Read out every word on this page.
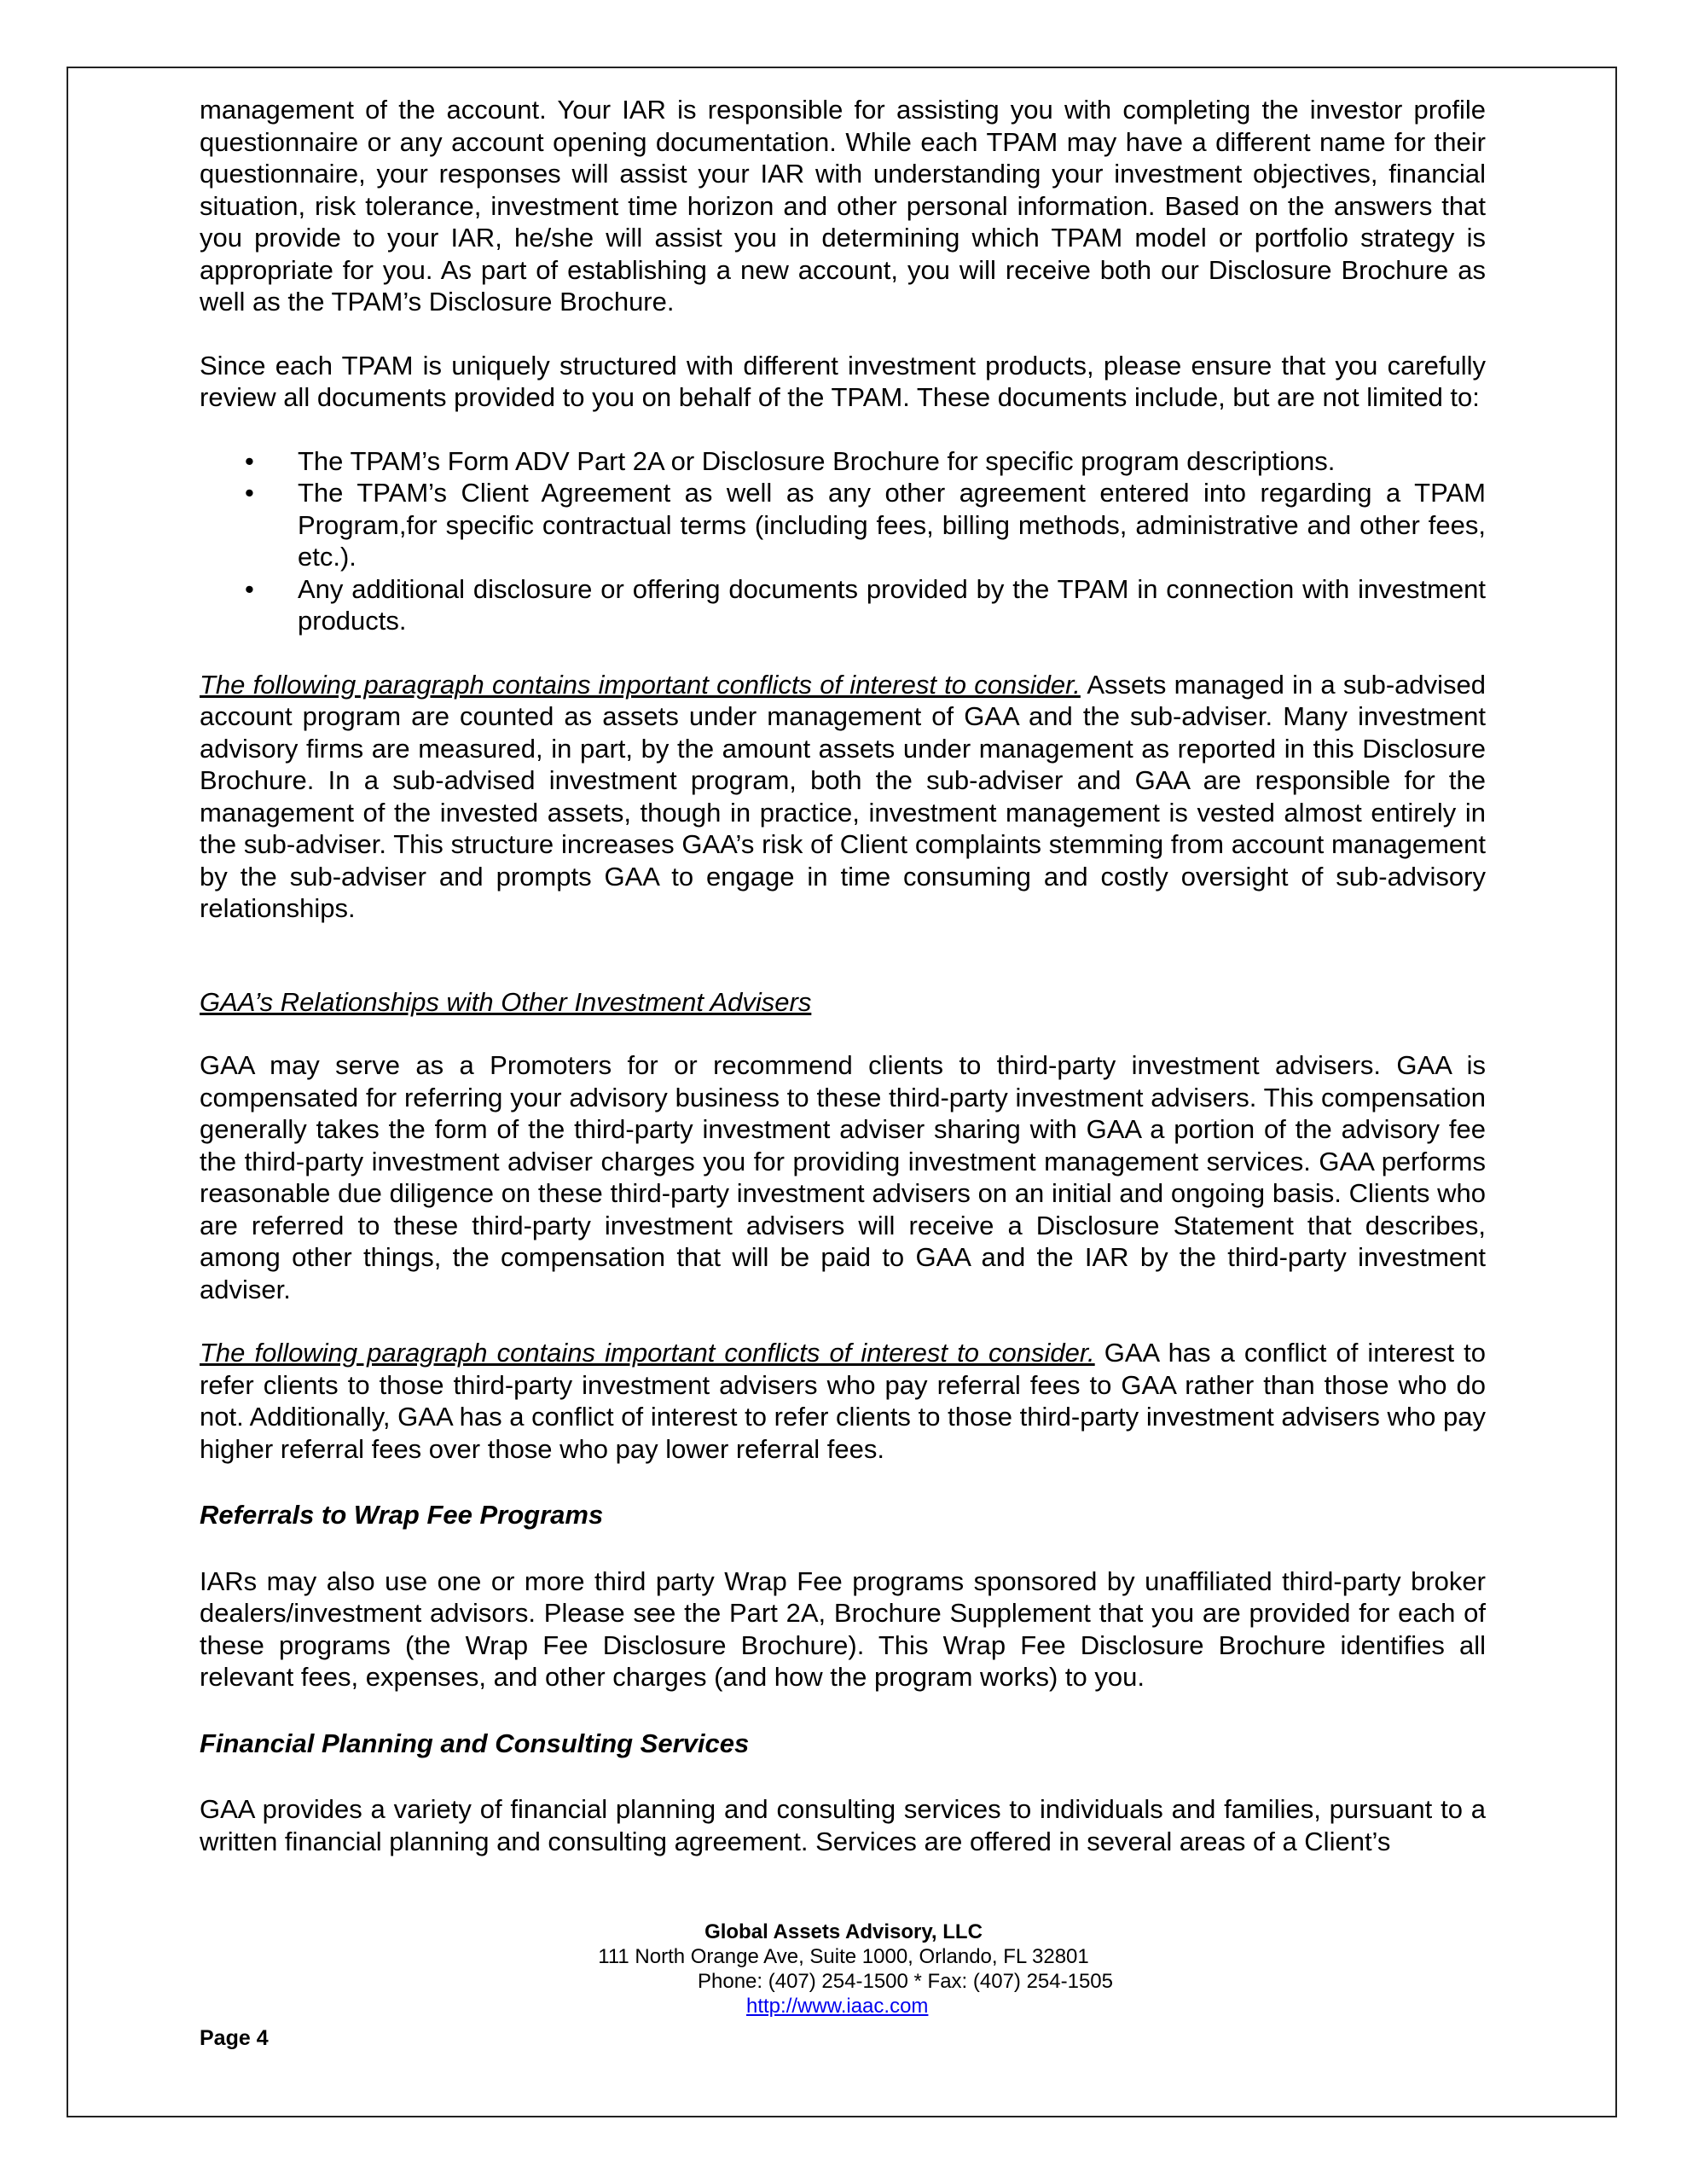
management of the account. Your IAR is responsible for assisting you with completing the investor profile questionnaire or any account opening documentation. While each TPAM may have a different name for their questionnaire, your responses will assist your IAR with understanding your investment objectives, financial situation, risk tolerance, investment time horizon and other personal information. Based on the answers that you provide to your IAR, he/she will assist you in determining which TPAM model or portfolio strategy is appropriate for you. As part of establishing a new account, you will receive both our Disclosure Brochure as well as the TPAM’s Disclosure Brochure.

Since each TPAM is uniquely structured with different investment products, please ensure that you carefully review all documents provided to you on behalf of the TPAM. These documents include, but are not limited to:

• The TPAM’s Form ADV Part 2A or Disclosure Brochure for specific program descriptions.
• The TPAM’s Client Agreement as well as any other agreement entered into regarding a TPAM Program,for specific contractual terms (including fees, billing methods, administrative and other fees, etc.).
• Any additional disclosure or offering documents provided by the TPAM in connection with investment products.

The following paragraph contains important conflicts of interest to consider. Assets managed in a sub-advised account program are counted as assets under management of GAA and the sub-adviser. Many investment advisory firms are measured, in part, by the amount assets under management as reported in this Disclosure Brochure. In a sub-advised investment program, both the sub-adviser and GAA are responsible for the management of the invested assets, though in practice, investment management is vested almost entirely in the sub-adviser. This structure increases GAA’s risk of Client complaints stemming from account management by the sub-adviser and prompts GAA to engage in time consuming and costly oversight of sub-advisory relationships.

GAA’s Relationships with Other Investment Advisers

GAA may serve as a Promoters for or recommend clients to third-party investment advisers. GAA is compensated for referring your advisory business to these third-party investment advisers. This compensation generally takes the form of the third-party investment adviser sharing with GAA a portion of the advisory fee the third-party investment adviser charges you for providing investment management services. GAA performs reasonable due diligence on these third-party investment advisers on an initial and ongoing basis. Clients who are referred to these third-party investment advisers will receive a Disclosure Statement that describes, among other things, the compensation that will be paid to GAA and the IAR by the third-party investment adviser.

The following paragraph contains important conflicts of interest to consider. GAA has a conflict of interest to refer clients to those third-party investment advisers who pay referral fees to GAA rather than those who do not. Additionally, GAA has a conflict of interest to refer clients to those third-party investment advisers who pay higher referral fees over those who pay lower referral fees.

Referrals to Wrap Fee Programs

IARs may also use one or more third party Wrap Fee programs sponsored by unaffiliated third-party broker dealers/investment advisors. Please see the Part 2A, Brochure Supplement that you are provided for each of these programs (the Wrap Fee Disclosure Brochure). This Wrap Fee Disclosure Brochure identifies all relevant fees, expenses, and other charges (and how the program works) to you.

Financial Planning and Consulting Services

GAA provides a variety of financial planning and consulting services to individuals and families, pursuant to a written financial planning and consulting agreement. Services are offered in several areas of a Client’s

Global Assets Advisory, LLC
111 North Orange Ave, Suite 1000, Orlando, FL 32801
Phone: (407) 254-1500 * Fax: (407) 254-1505
http://www.iaac.com
Page 4
